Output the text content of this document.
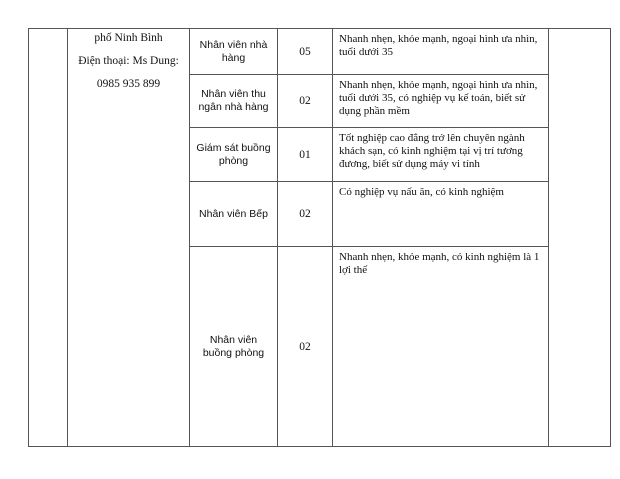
	phố Ninh Bình
Điện thoại: Ms Dung:
0985 935 899	Nhân viên nhà hàng	05	Nhanh nhẹn, khỏe mạnh, ngoại hình ưa nhìn, tuổi dưới 35	
		Nhân viên thu ngân nhà hàng	02	Nhanh nhẹn, khỏe mạnh, ngoại hình ưa nhìn, tuổi dưới 35, có nghiệp vụ kế toán, biết sử dụng phần mềm	
		Giám sát buồng phòng	01	Tốt nghiệp cao đẳng trở lên chuyên ngành khách sạn, có kinh nghiệm tại vị trí tương đương, biết sử dụng máy vi tính	
		Nhân viên Bếp	02	Có nghiệp vụ nấu ăn, có kinh nghiệm	
		Nhân viên buồng phòng	02	Nhanh nhẹn, khỏe mạnh, có kinh nghiệm là 1 lợi thế	
